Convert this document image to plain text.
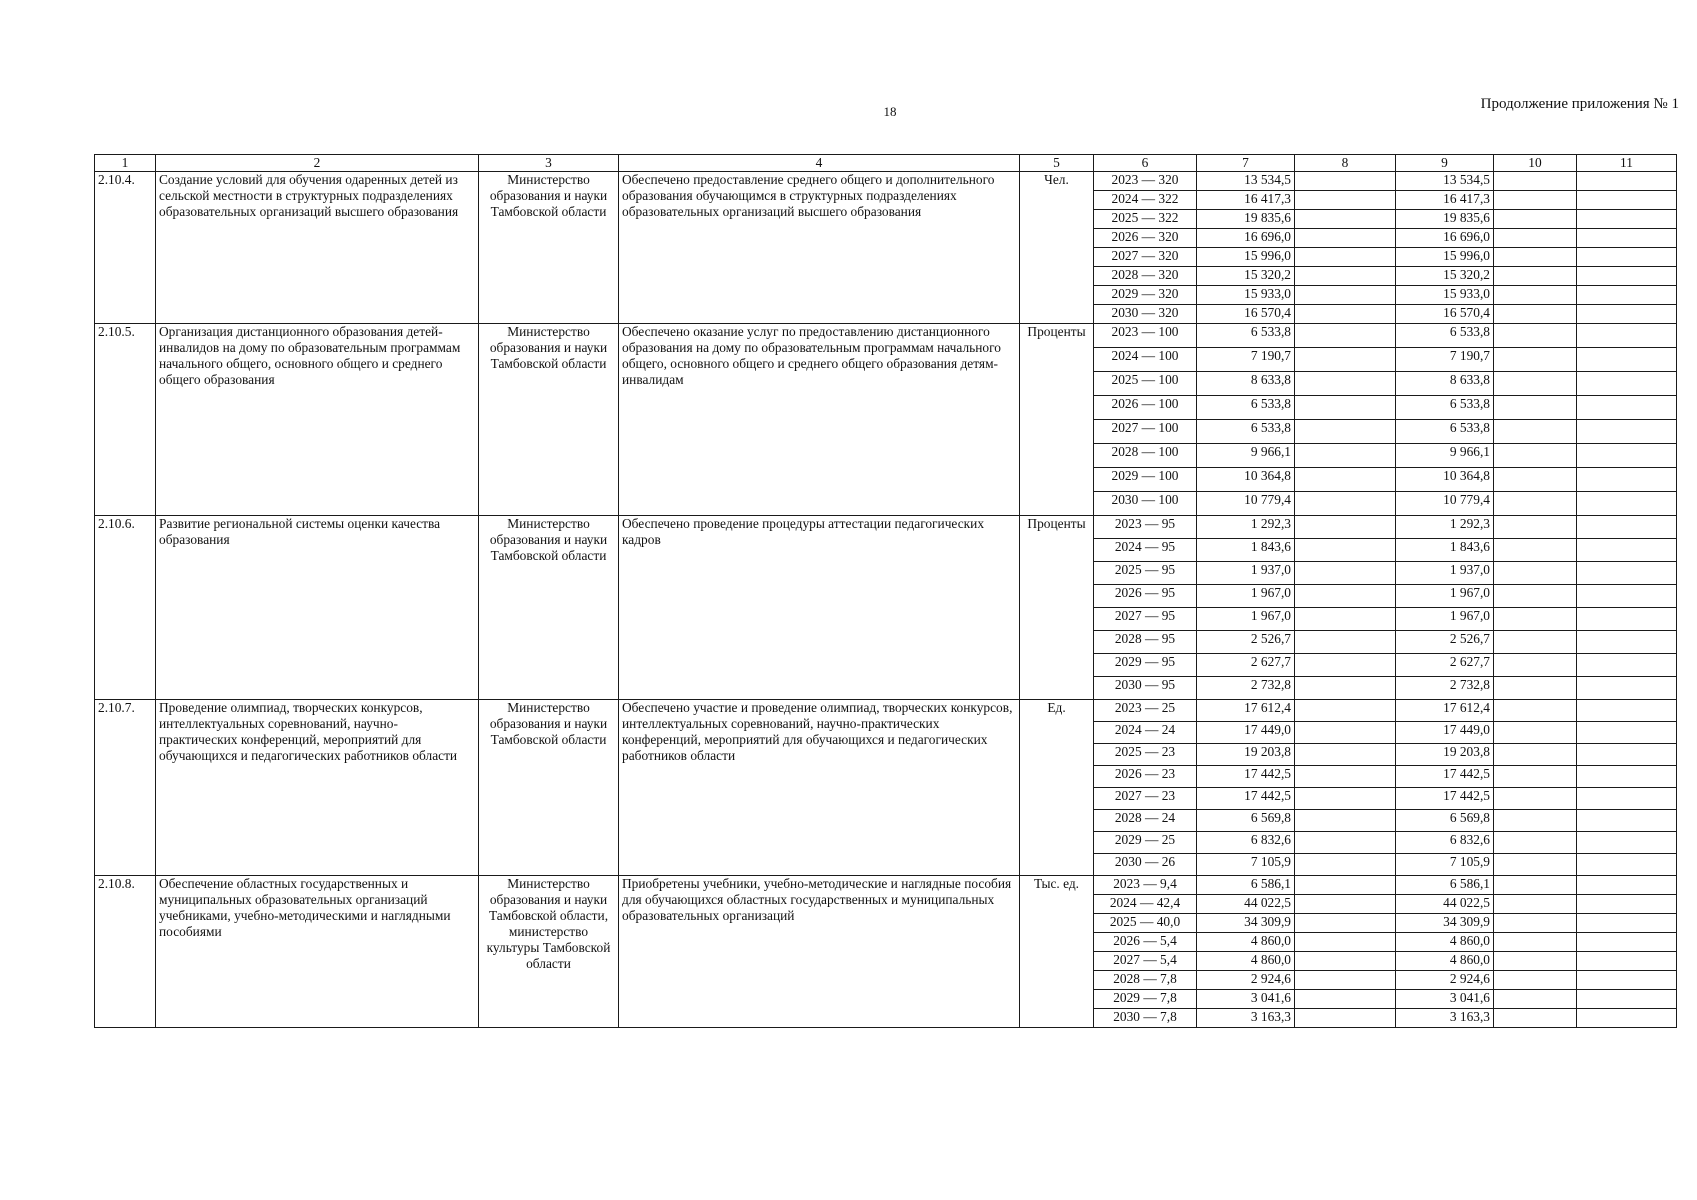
18	Продолжение приложения № 1
1	2	3	4	5	6	7	8	9	10	11
2.10.4.	Создание условий для обучения одаренных детей из сельской местности в структурных подразделениях образовательных организаций высшего образования	Министерство образования и науки Тамбовской области	Обеспечено предоставление среднего общего и дополнительного образования обучающимся в структурных подразделениях образовательных организаций высшего образования	Чел.	2023 — 320	13 534,5		13 534,5		
					2024 — 322	16 417,3		16 417,3		
					2025 — 322	19 835,6		19 835,6		
					2026 — 320	16 696,0		16 696,0		
					2027 — 320	15 996,0		15 996,0		
					2028 — 320	15 320,2		15 320,2		
					2029 — 320	15 933,0		15 933,0		
					2030 — 320	16 570,4		16 570,4		
2.10.5.	Организация дистанционного образования детей-инвалидов на дому по образовательным программам начального общего, основного общего и среднего общего образования	Министерство образования и науки Тамбовской области	Обеспечено оказание услуг по предоставлению дистанционного образования на дому по образовательным программам начального общего, основного общего и среднего общего образования детям-инвалидам	Проценты	2023 — 100	6 533,8		6 533,8		
					2024 — 100	7 190,7		7 190,7		
					2025 — 100	8 633,8		8 633,8		
					2026 — 100	6 533,8		6 533,8		
					2027 — 100	6 533,8		6 533,8		
					2028 — 100	9 966,1		9 966,1		
					2029 — 100	10 364,8		10 364,8		
					2030 — 100	10 779,4		10 779,4		
2.10.6.	Развитие региональной системы оценки качества образования	Министерство образования и науки Тамбовской области	Обеспечено проведение процедуры аттестации педагогических кадров	Проценты	2023 — 95	1 292,3		1 292,3		
					2024 — 95	1 843,6		1 843,6		
					2025 — 95	1 937,0		1 937,0		
					2026 — 95	1 967,0		1 967,0		
					2027 — 95	1 967,0		1 967,0		
					2028 — 95	2 526,7		2 526,7		
					2029 — 95	2 627,7		2 627,7		
					2030 — 95	2 732,8		2 732,8		
2.10.7.	Проведение олимпиад, творческих конкурсов, интеллектуальных соревнований, научно-практических конференций, мероприятий для обучающихся и педагогических работников области	Министерство образования и науки Тамбовской области	Обеспечено участие и проведение олимпиад, творческих конкурсов, интеллектуальных соревнований, научно-практических конференций, мероприятий для обучающихся и педагогических работников области	Ед.	2023 — 25	17 612,4		17 612,4		
					2024 — 24	17 449,0		17 449,0		
					2025 — 23	19 203,8		19 203,8		
					2026 — 23	17 442,5		17 442,5		
					2027 — 23	17 442,5		17 442,5		
					2028 — 24	6 569,8		6 569,8		
					2029 — 25	6 832,6		6 832,6		
					2030 — 26	7 105,9		7 105,9		
2.10.8.	Обеспечение областных государственных и муниципальных образовательных организаций учебниками, учебно-методическими и наглядными пособиями	Министерство образования и науки Тамбовской области, министерство культуры Тамбовской области	Приобретены учебники, учебно-методические и наглядные пособия для обучающихся областных государственных и муниципальных образовательных организаций	Тыс. ед.	2023 — 9,4	6 586,1		6 586,1		
					2024 — 42,4	44 022,5		44 022,5		
					2025 — 40,0	34 309,9		34 309,9		
					2026 — 5,4	4 860,0		4 860,0		
					2027 — 5,4	4 860,0		4 860,0		
					2028 — 7,8	2 924,6		2 924,6		
					2029 — 7,8	3 041,6		3 041,6		
					2030 — 7,8	3 163,3		3 163,3		
